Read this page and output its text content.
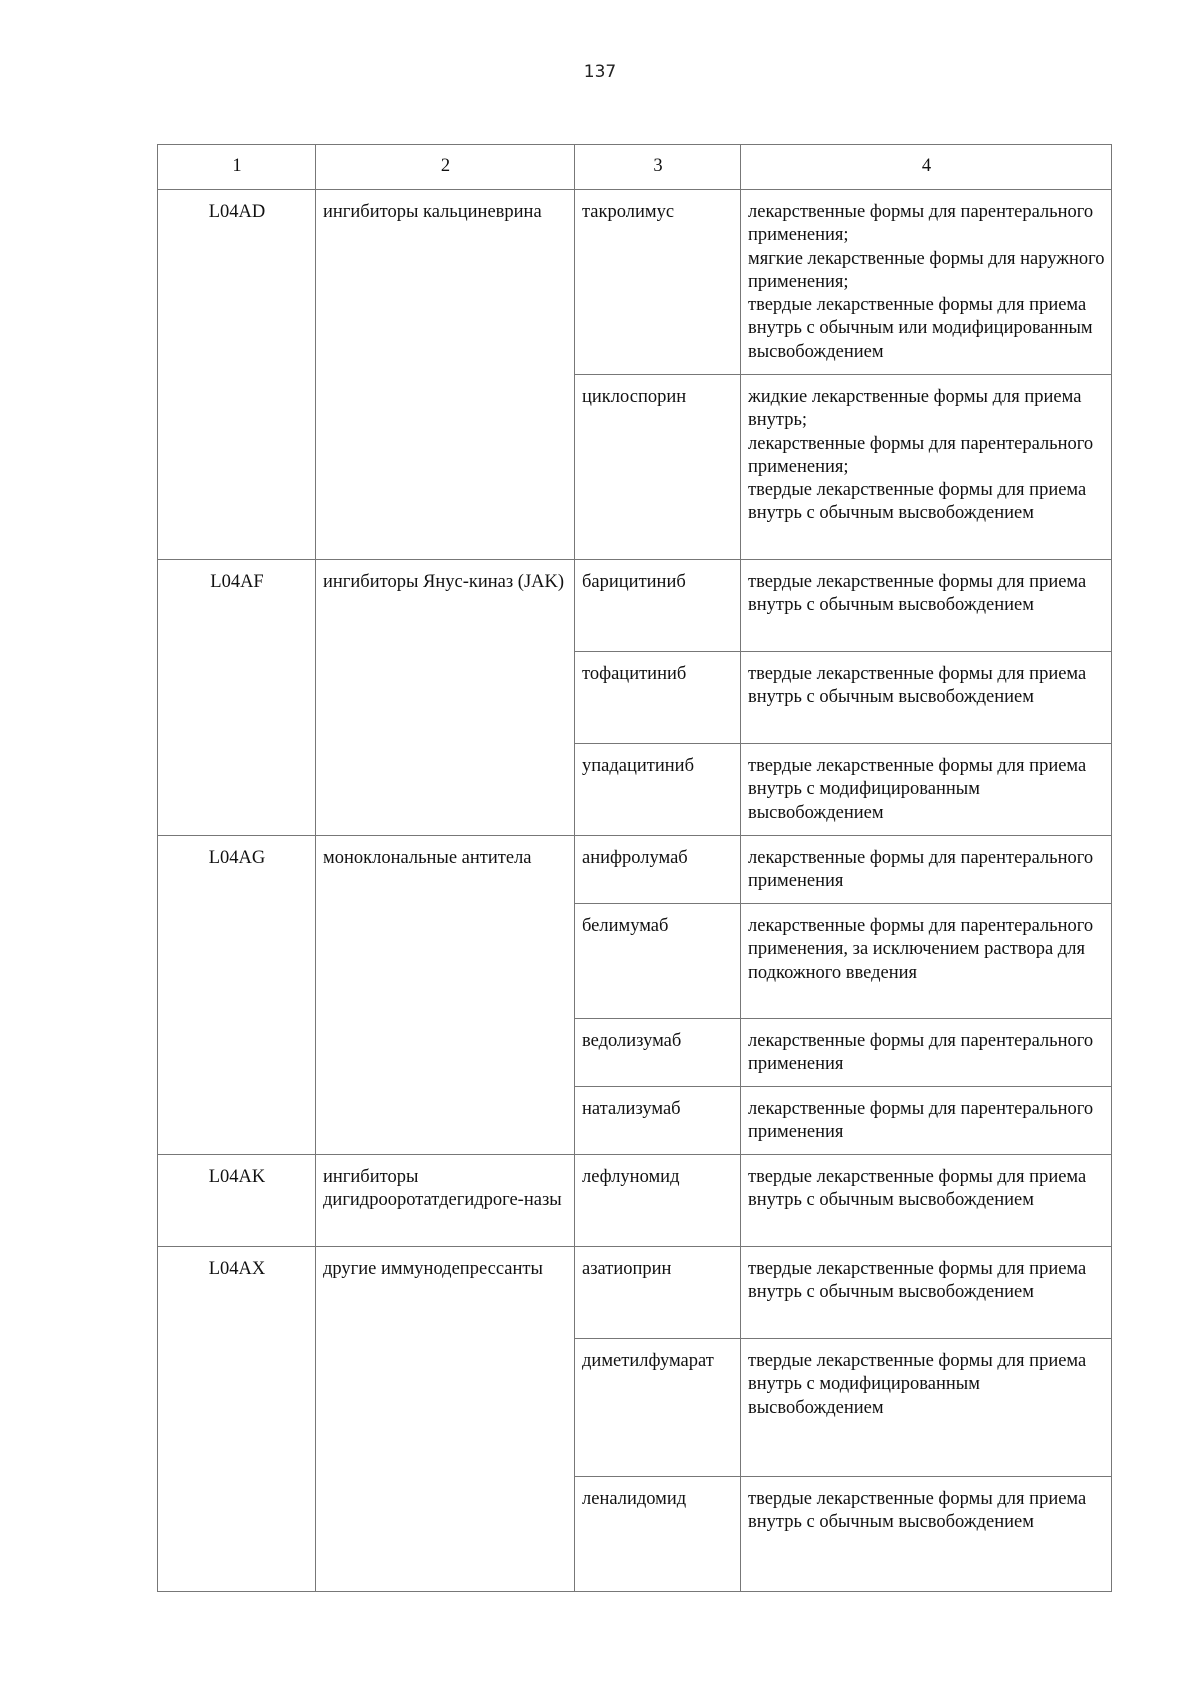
137
1	2	3	4
L04AD	ингибиторы кальциневрина	такролимус	лекарственные формы для парентерального применения;
мягкие лекарственные формы для наружного применения;
твердые лекарственные формы для приема внутрь с обычным или модифицированным высвобождением

		циклоспорин	жидкие лекарственные формы для приема внутрь;
лекарственные формы для парентерального применения;
твердые лекарственные формы для приема внутрь с обычным высвобождением

L04AF	ингибиторы Янус-киназ (JAK)	барицитиниб	твердые лекарственные формы для приема внутрь с обычным высвобождением

		тофацитиниб	твердые лекарственные формы для приема внутрь с обычным высвобождением

		упадацитиниб	твердые лекарственные формы для приема внутрь с модифицированным высвобождением

L04AG	моноклональные антитела	анифролумаб	лекарственные формы для парентерального применения

		белимумаб	лекарственные формы для парентерального применения, за исключением раствора для подкожного введения

		ведолизумаб	лекарственные формы для парентерального применения

		натализумаб	лекарственные формы для парентерального применения

L04AK	ингибиторы дигидрооротатдегидроге-назы	лефлуномид	твердые лекарственные формы для приема внутрь с обычным высвобождением

L04AX	другие иммунодепрессанты	азатиоприн	твердые лекарственные формы для приема внутрь с обычным высвобождением

		диметилфумарат	твердые лекарственные формы для приема внутрь с модифицированным высвобождением

		леналидомид	твердые лекарственные формы для приема внутрь с обычным высвобождением
